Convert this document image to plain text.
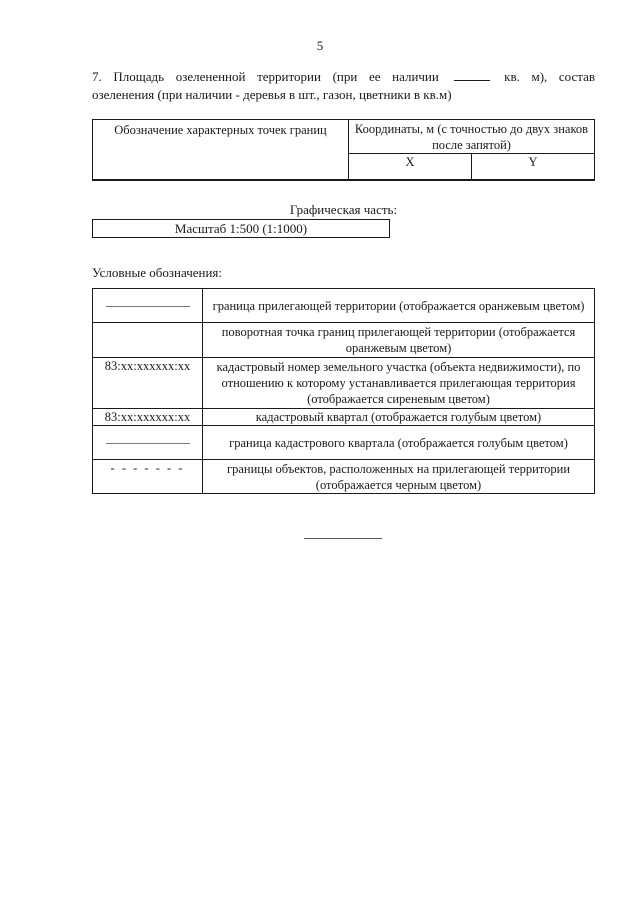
5
7. Площадь озелененной территории (при ее наличии	кв. м), состав
озеленения (при наличии - деревья в шт., газон, цветники в кв.м)
Обозначение характерных точек границ	Координаты, м (с точностью до двух знаков после запятой)	
	X	Y
Графическая часть:
Масштаб 1:500 (1:1000)
Условные обозначения:
	граница прилегающей территории (отображается оранжевым цветом)
	поворотная точка границ прилегающей территории (отображается оранжевым цветом)
83:хх:хххххх:хх	кадастровый номер земельного участка (объекта недвижимости), по отношению к которому устанавливается прилегающая территория (отображается сиреневым цветом)
83:хх:хххххх:хх	кадастровый квартал (отображается голубым цветом)
	граница кадастрового квартала (отображается голубым цветом)
- - - - - - -	границы объектов, расположенных на прилегающей территории (отображается черным цветом)
